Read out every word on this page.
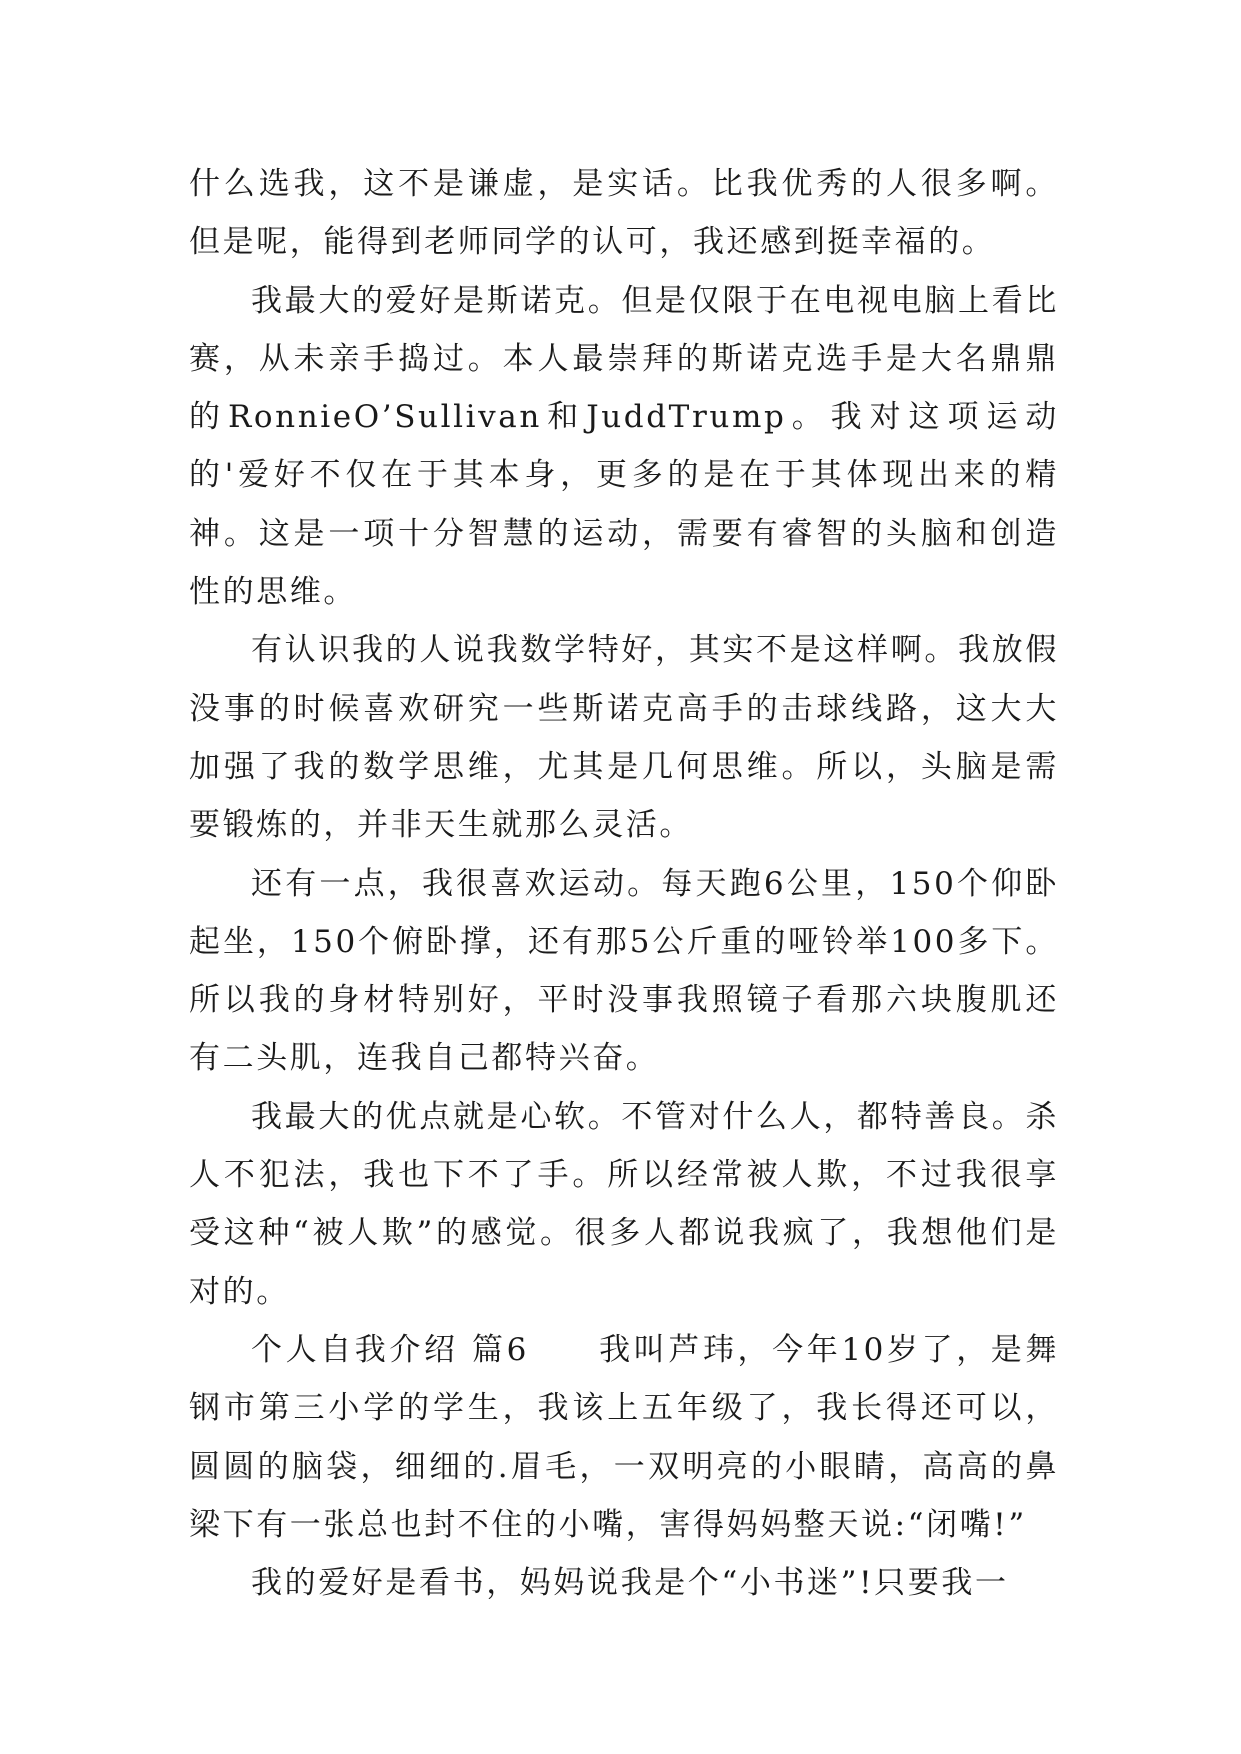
什么选我，这不是谦虚，是实话。比我优秀的人很多啊。但是呢，能得到老师同学的认可，我还感到挺幸福的。

我最大的爱好是斯诺克。但是仅限于在电视电脑上看比赛，从未亲手捣过。本人最崇拜的斯诺克选手是大名鼎鼎的RonnieO’Sullivan和JuddTrump。我对这项运动的'爱好不仅在于其本身，更多的是在于其体现出来的精神。这是一项十分智慧的运动，需要有睿智的头脑和创造性的思维。

有认识我的人说我数学特好，其实不是这样啊。我放假没事的时候喜欢研究一些斯诺克高手的击球线路，这大大加强了我的数学思维，尤其是几何思维。所以，头脑是需要锻炼的，并非天生就那么灵活。

还有一点，我很喜欢运动。每天跑6公里，150个仰卧起坐，150个俯卧撑，还有那5公斤重的哑铃举100多下。所以我的身材特别好，平时没事我照镜子看那六块腹肌还有二头肌，连我自己都特兴奋。

我最大的优点就是心软。不管对什么人，都特善良。杀人不犯法，我也下不了手。所以经常被人欺，不过我很享受这种“被人欺”的感觉。很多人都说我疯了，我想他们是对的。

个人自我介绍 篇6　　我叫芦玮，今年10岁了，是舞钢市第三小学的学生，我该上五年级了，我长得还可以，圆圆的脑袋，细细的.眉毛，一双明亮的小眼睛，高高的鼻梁下有一张总也封不住的小嘴，害得妈妈整天说:“闭嘴!”

我的爱好是看书，妈妈说我是个“小书迷”!只要我一
